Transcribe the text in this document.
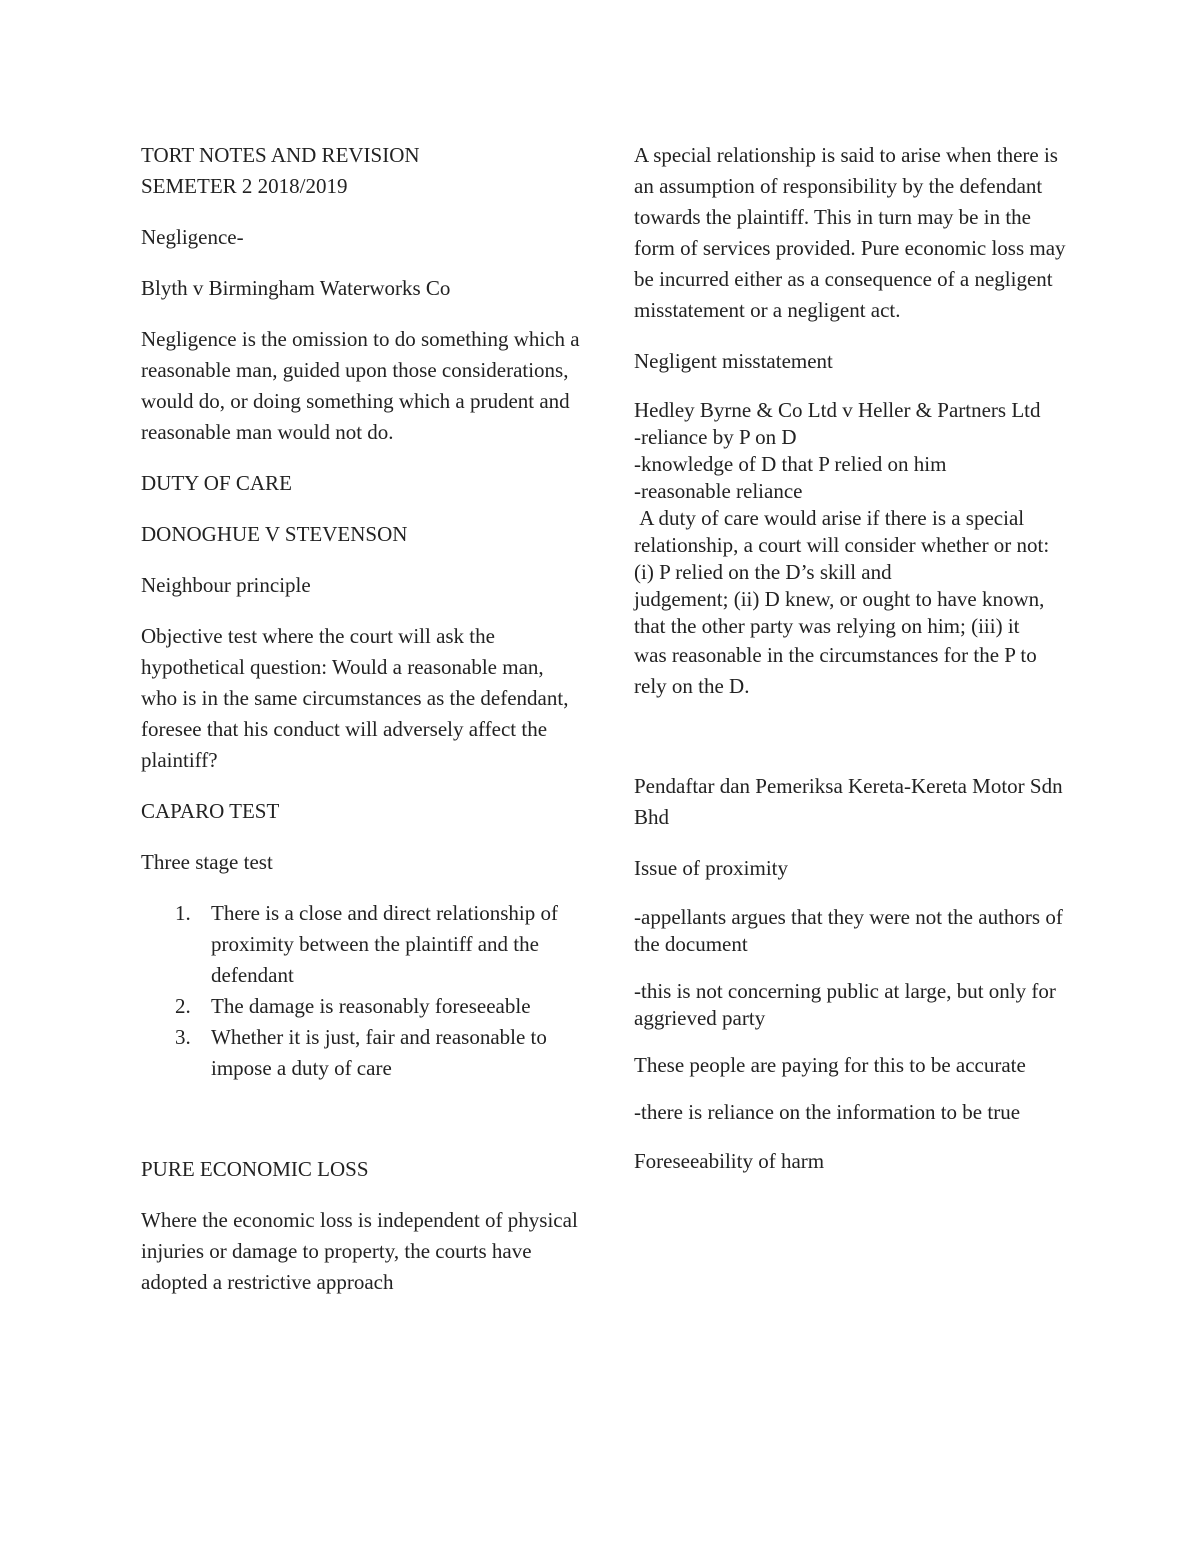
TORT NOTES AND REVISION
SEMETER 2 2018/2019

Negligence-

Blyth v Birmingham Waterworks Co

Negligence is the omission to do something which a reasonable man, guided upon those considerations, would do, or doing something which a prudent and reasonable man would not do.

DUTY OF CARE

DONOGHUE V STEVENSON

Neighbour principle

Objective test where the court will ask the hypothetical question: Would a reasonable man, who is in the same circumstances as the defendant, foresee that his conduct will adversely affect the plaintiff?

CAPARO TEST

Three stage test

1. There is a close and direct relationship of proximity between the plaintiff and the defendant
2. The damage is reasonably foreseeable
3. Whether it is just, fair and reasonable to impose a duty of care

PURE ECONOMIC LOSS

Where the economic loss is independent of physical injuries or damage to property, the courts have adopted a restrictive approach

A special relationship is said to arise when there is an assumption of responsibility by the defendant towards the plaintiff. This in turn may be in the form of services provided. Pure economic loss may be incurred either as a consequence of a negligent misstatement or a negligent act.

Negligent misstatement

Hedley Byrne & Co Ltd v Heller & Partners Ltd
-reliance by P on D
-knowledge of D that P relied on him
-reasonable reliance
A duty of care would arise if there is a special relationship, a court will consider whether or not: (i) P relied on the D’s skill and
judgement; (ii) D knew, or ought to have known, that the other party was relying on him; (iii) it
was reasonable in the circumstances for the P to rely on the D.

Pendaftar dan Pemeriksa Kereta-Kereta Motor Sdn Bhd

Issue of proximity

-appellants argues that they were not the authors of the document

-this is not concerning public at large, but only for aggrieved party

These people are paying for this to be accurate

-there is reliance on the information to be true

Foreseeability of harm
